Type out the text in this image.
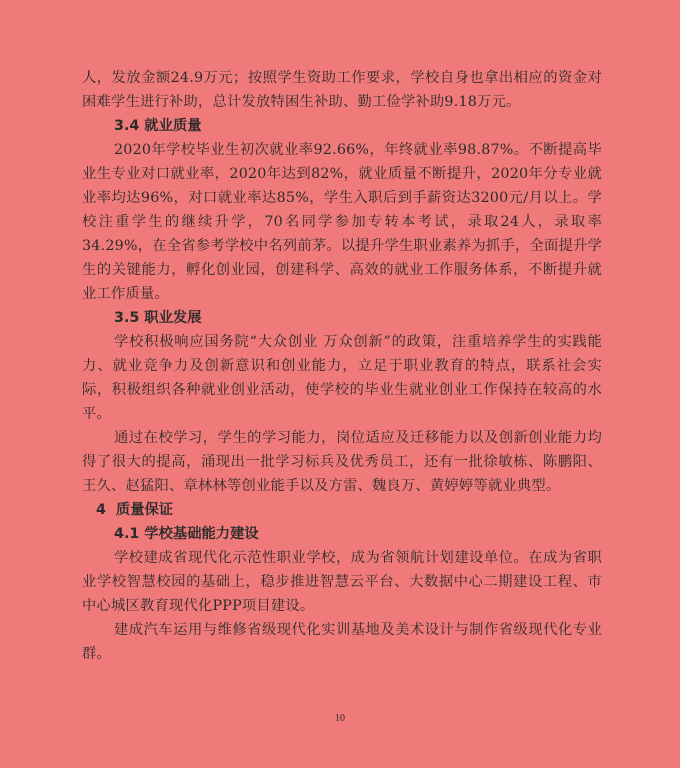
人，发放金额24.9万元；按照学生资助工作要求，学校自身也拿出相应的资金对困难学生进行补助，总计发放特困生补助、勤工俭学补助9.18万元。

3.4 就业质量

2020年学校毕业生初次就业率92.66%，年终就业率98.87%。不断提高毕业生专业对口就业率，2020年达到82%，就业质量不断提升，2020年分专业就业率均达96%，对口就业率达85%，学生入职后到手薪资达3200元/月以上。学校注重学生的继续升学，70名同学参加专转本考试，录取24人，录取率34.29%，在全省参考学校中名列前茅。以提升学生职业素养为抓手，全面提升学生的关键能力，孵化创业园，创建科学、高效的就业工作服务体系，不断提升就业工作质量。

3.5 职业发展

学校积极响应国务院“大众创业 万众创新”的政策，注重培养学生的实践能力、就业竞争力及创新意识和创业能力，立足于职业教育的特点，联系社会实际，积极组织各种就业创业活动，使学校的毕业生就业创业工作保持在较高的水平。

通过在校学习，学生的学习能力，岗位适应及迁移能力以及创新创业能力均得了很大的提高，涌现出一批学习标兵及优秀员工，还有一批徐敏栋、陈鹏阳、王久、赵猛阳、章林林等创业能手以及方雷、魏良万、黄婷婷等就业典型。

4  质量保证
4.1 学校基础能力建设

学校建成省现代化示范性职业学校，成为省领航计划建设单位。在成为省职业学校智慧校园的基础上，稳步推进智慧云平台、大数据中心二期建设工程、市中心城区教育现代化PPP项目建设。

建成汽车运用与维修省级现代化实训基地及美术设计与制作省级现代化专业群。

10
